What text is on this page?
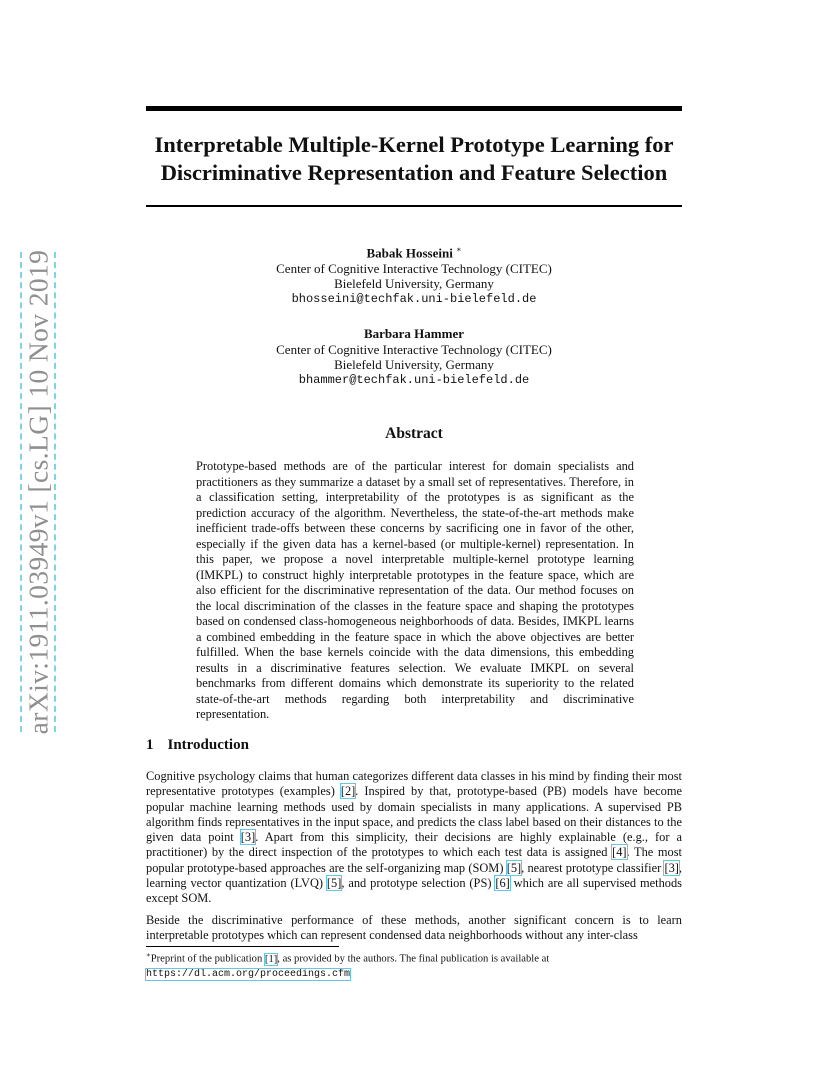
arXiv:1911.03949v1 [cs.LG] 10 Nov 2019
Interpretable Multiple-Kernel Prototype Learning for Discriminative Representation and Feature Selection
Babak Hosseini ∗
Center of Cognitive Interactive Technology (CITEC)
Bielefeld University, Germany
bhosseini@techfak.uni-bielefeld.de
Barbara Hammer
Center of Cognitive Interactive Technology (CITEC)
Bielefeld University, Germany
bhammer@techfak.uni-bielefeld.de
Abstract

Prototype-based methods are of the particular interest for domain specialists and practitioners as they summarize a dataset by a small set of representatives. Therefore, in a classification setting, interpretability of the prototypes is as significant as the prediction accuracy of the algorithm. Nevertheless, the state-of-the-art methods make inefficient trade-offs between these concerns by sacrificing one in favor of the other, especially if the given data has a kernel-based (or multiple-kernel) representation. In this paper, we propose a novel interpretable multiple-kernel prototype learning (IMKPL) to construct highly interpretable prototypes in the feature space, which are also efficient for the discriminative representation of the data. Our method focuses on the local discrimination of the classes in the feature space and shaping the prototypes based on condensed class-homogeneous neighborhoods of data. Besides, IMKPL learns a combined embedding in the feature space in which the above objectives are better fulfilled. When the base kernels coincide with the data dimensions, this embedding results in a discriminative features selection. We evaluate IMKPL on several benchmarks from different domains which demonstrate its superiority to the related state-of-the-art methods regarding both interpretability and discriminative representation.

1 Introduction

Cognitive psychology claims that human categorizes different data classes in his mind by finding their most representative prototypes (examples) [2]. Inspired by that, prototype-based (PB) models have become popular machine learning methods used by domain specialists in many applications. A supervised PB algorithm finds representatives in the input space, and predicts the class label based on their distances to the given data point [3]. Apart from this simplicity, their decisions are highly explainable (e.g., for a practitioner) by the direct inspection of the prototypes to which each test data is assigned [4]. The most popular prototype-based approaches are the self-organizing map (SOM) [5], nearest prototype classifier [3], learning vector quantization (LVQ) [5], and prototype selection (PS) [6] which are all supervised methods except SOM.

Beside the discriminative performance of these methods, another significant concern is to learn interpretable prototypes which can represent condensed data neighborhoods without any inter-class

∗Preprint of the publication [1], as provided by the authors. The final publication is available at
https://dl.acm.org/proceedings.cfm
